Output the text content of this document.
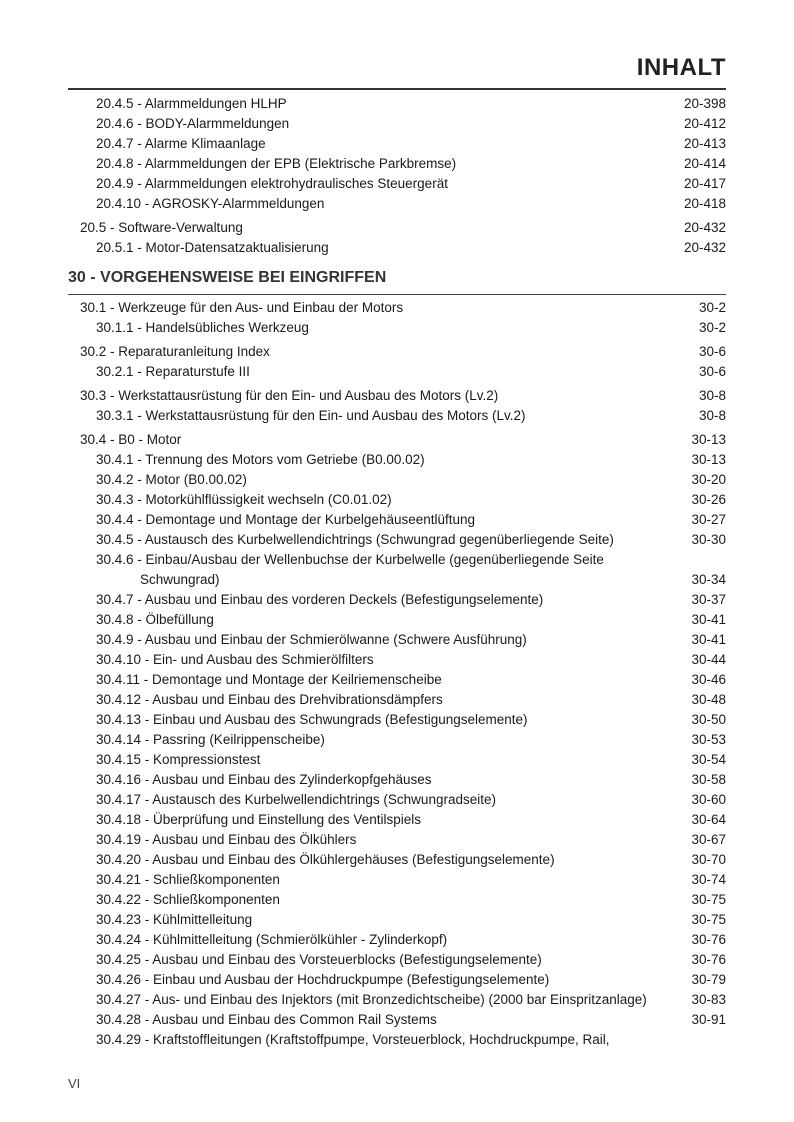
INHALT
20.4.5 - Alarmmeldungen HLHP	20-398
20.4.6 - BODY-Alarmmeldungen	20-412
20.4.7 - Alarme Klimaanlage	20-413
20.4.8 - Alarmmeldungen der EPB (Elektrische Parkbremse)	20-414
20.4.9 - Alarmmeldungen elektrohydraulisches Steuergerät	20-417
20.4.10 - AGROSKY-Alarmmeldungen	20-418
20.5 - Software-Verwaltung	20-432
20.5.1 - Motor-Datensatzaktualisierung	20-432
30 - VORGEHENSWEISE BEI EINGRIFFEN
30.1 - Werkzeuge für den Aus- und Einbau der Motors	30-2
30.1.1 - Handelsübliches Werkzeug	30-2
30.2 - Reparaturanleitung Index	30-6
30.2.1 - Reparaturstufe III	30-6
30.3 - Werkstattausrüstung für den Ein- und Ausbau des Motors (Lv.2)	30-8
30.3.1 - Werkstattausrüstung für den Ein- und Ausbau des Motors (Lv.2)	30-8
30.4 - B0 - Motor	30-13
30.4.1 - Trennung des Motors vom Getriebe (B0.00.02)	30-13
30.4.2 - Motor (B0.00.02)	30-20
30.4.3 - Motorkühlflüssigkeit wechseln (C0.01.02)	30-26
30.4.4 - Demontage und Montage der Kurbelgehäuseentlüftung	30-27
30.4.5 - Austausch des Kurbelwellendichtrings (Schwungrad gegenüberliegende Seite)	30-30
30.4.6 - Einbau/Ausbau der Wellenbuchse der Kurbelwelle (gegenüberliegende Seite
Schwungrad)	30-34
30.4.7 - Ausbau und Einbau des vorderen Deckels (Befestigungselemente)	30-37
30.4.8 - Ölbefüllung	30-41
30.4.9 - Ausbau und Einbau der Schmierölwanne (Schwere Ausführung)	30-41
30.4.10 - Ein- und Ausbau des Schmierölfilters	30-44
30.4.11 - Demontage und Montage der Keilriemenscheibe	30-46
30.4.12 - Ausbau und Einbau des Drehvibrationsdämpfers	30-48
30.4.13 - Einbau und Ausbau des Schwungrads (Befestigungselemente)	30-50
30.4.14 - Passring (Keilrippenscheibe)	30-53
30.4.15 - Kompressionstest	30-54
30.4.16 - Ausbau und Einbau des Zylinderkopfgehäuses	30-58
30.4.17 - Austausch des Kurbelwellendichtrings (Schwungradseite)	30-60
30.4.18 - Überprüfung und Einstellung des Ventilspiels	30-64
30.4.19 - Ausbau und Einbau des Ölkühlers	30-67
30.4.20 - Ausbau und Einbau des Ölkühlergehäuses (Befestigungselemente)	30-70
30.4.21 - Schließkomponenten	30-74
30.4.22 - Schließkomponenten	30-75
30.4.23 - Kühlmittelleitung	30-75
30.4.24 - Kühlmittelleitung (Schmierölkühler - Zylinderkopf)	30-76
30.4.25 - Ausbau und Einbau des Vorsteuerblocks (Befestigungselemente)	30-76
30.4.26 - Einbau und Ausbau der Hochdruckpumpe (Befestigungselemente)	30-79
30.4.27 - Aus- und Einbau des Injektors (mit Bronzedichtscheibe) (2000 bar Einspritzanlage)	30-83
30.4.28 - Ausbau und Einbau des Common Rail Systems	30-91
30.4.29 - Kraftstoffleitungen (Kraftstoffpumpe, Vorsteuerblock, Hochdruckpumpe, Rail,
VI
